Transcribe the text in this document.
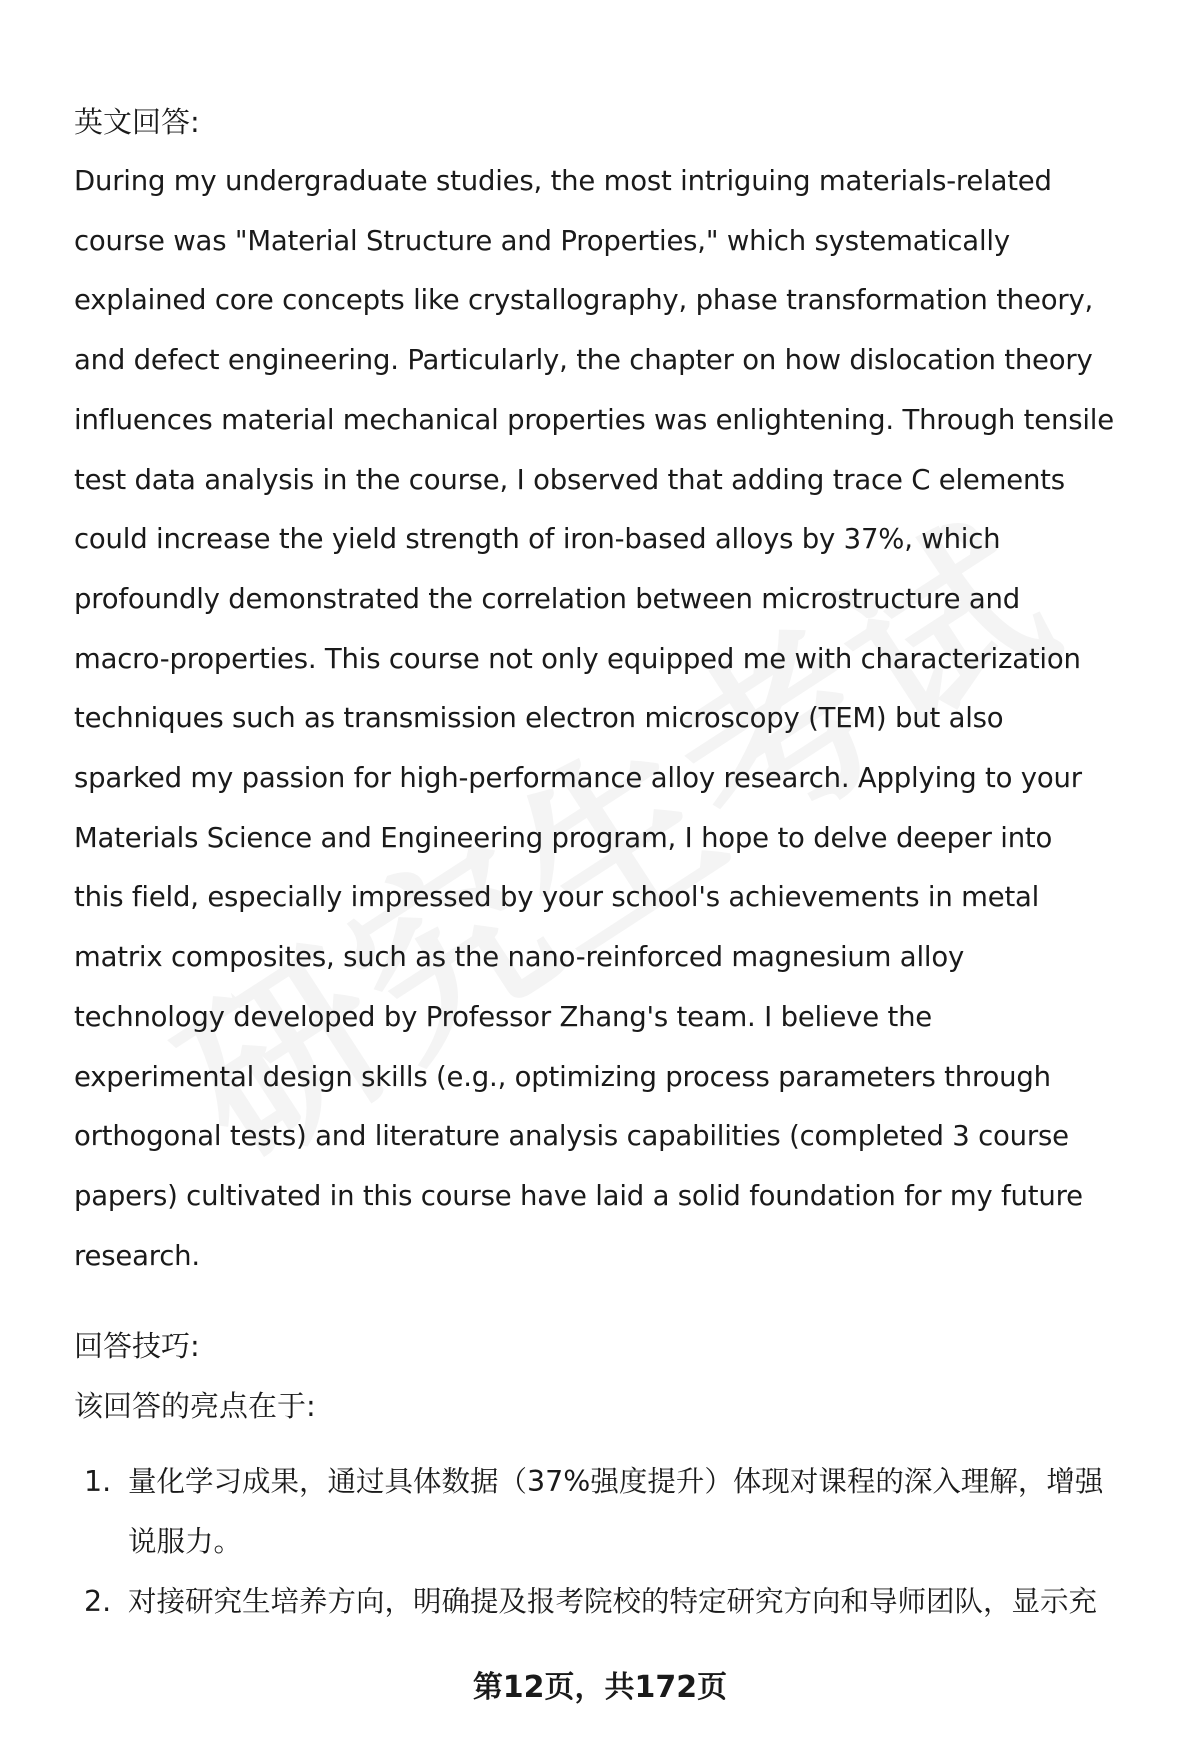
英文回答:

During my undergraduate studies, the most intriguing materials-related
course was "Material Structure and Properties," which systematically
explained core concepts like crystallography, phase transformation theory,
and defect engineering. Particularly, the chapter on how dislocation theory
influences material mechanical properties was enlightening. Through tensile
test data analysis in the course, I observed that adding trace C elements
could increase the yield strength of iron-based alloys by 37%, which
profoundly demonstrated the correlation between microstructure and
macro-properties. This course not only equipped me with characterization
techniques such as transmission electron microscopy (TEM) but also
sparked my passion for high-performance alloy research. Applying to your
Materials Science and Engineering program, I hope to delve deeper into
this field, especially impressed by your school's achievements in metal
matrix composites, such as the nano-reinforced magnesium alloy
technology developed by Professor Zhang's team. I believe the
experimental design skills (e.g., optimizing process parameters through
orthogonal tests) and literature analysis capabilities (completed 3 course
papers) cultivated in this course have laid a solid foundation for my future
research.

回答技巧:

该回答的亮点在于:

1. 量化学习成果，通过具体数据（37%强度提升）体现对课程的深入理解，增强
说服力。
2. 对接研究生培养方向，明确提及报考院校的特定研究方向和导师团队，显示充
第12页，共172页
